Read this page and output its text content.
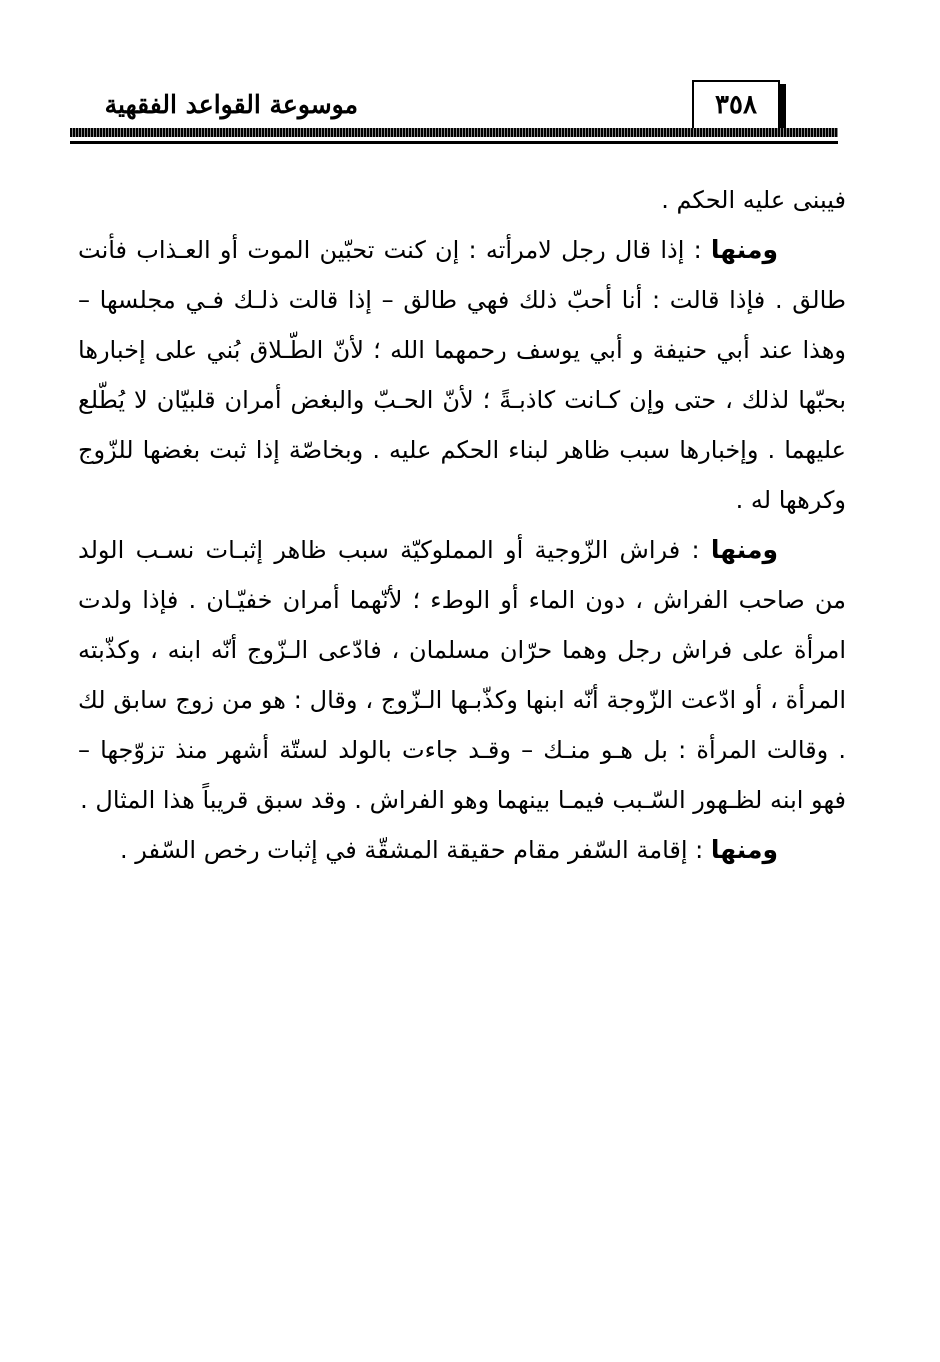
موسوعة القواعد الفقهية	٣٥٨

فيبنى عليه الحكم .

ومنها : إذا قال رجل لامرأته : إن كنت تحبّين الموت أو العـذاب فأنت طالق . فإذا قالت : أنا أحبّ ذلك فهي طالق – إذا قالت ذلـك فـي مجلسها – وهذا عند أبي حنيفة و أبي يوسف رحمهما الله ؛ لأنّ الطّـلاق بُني على إخبارها بحبّها لذلك ، حتى وإن كـانت كاذبـةً ؛ لأنّ الحـبّ والبغض أمران قلبيّان لا يُطّلع عليهما . وإخبارها سبب ظاهر لبناء الحكم عليه . وبخاصّة إذا ثبت بغضها للزّوج وكرهها له .

ومنها : فراش الزّوجية أو المملوكيّة سبب ظاهر إثبـات نسـب الولد من صاحب الفراش ، دون الماء أو الوطء ؛ لأنّهما أمران خفيّـان . فإذا ولدت امرأة على فراش رجل وهما حرّان مسلمان ، فادّعى الـزّوج أنّه ابنه ، وكذّبته المرأة ، أو ادّعت الزّوجة أنّه ابنها وكذّبـها الـزّوج ، وقال : هو من زوج سابق لك . وقالت المرأة : بل هـو منـك – وقـد جاءت بالولد لستّة أشهر منذ تزوّجها – فهو ابنه لظـهور السّـبب فيمـا بينهما وهو الفراش . وقد سبق قريباً هذا المثال .

ومنها : إقامة السّفر مقام حقيقة المشقّة في إثبات رخص السّفر .
